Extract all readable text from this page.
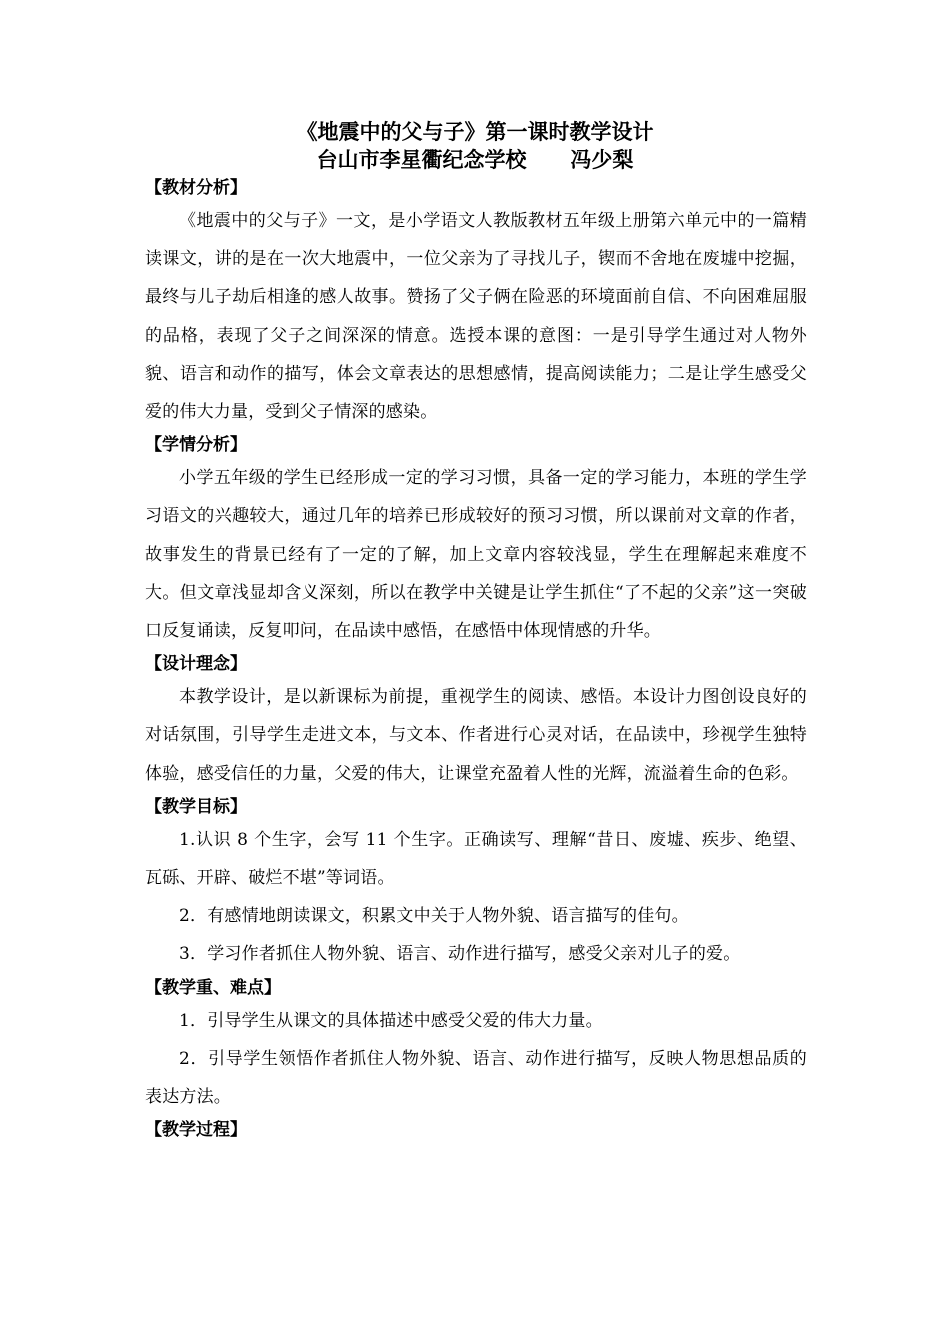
《地震中的父与子》第一课时教学设计
台山市李星衢纪念学校      冯少梨
【教材分析】

《地震中的父与子》一文，是小学语文人教版教材五年级上册第六单元中的一篇精读课文，讲的是在一次大地震中，一位父亲为了寻找儿子，锲而不舍地在废墟中挖掘，最终与儿子劫后相逢的感人故事。赞扬了父子俩在险恶的环境面前自信、不向困难屈服的品格，表现了父子之间深深的情意。选授本课的意图：一是引导学生通过对人物外貌、语言和动作的描写，体会文章表达的思想感情，提高阅读能力；二是让学生感受父爱的伟大力量，受到父子情深的感染。

【学情分析】

小学五年级的学生已经形成一定的学习习惯，具备一定的学习能力，本班的学生学习语文的兴趣较大，通过几年的培养已形成较好的预习习惯，所以课前对文章的作者，故事发生的背景已经有了一定的了解，加上文章内容较浅显，学生在理解起来难度不大。但文章浅显却含义深刻，所以在教学中关键是让学生抓住“了不起的父亲”这一突破口反复诵读，反复叩问，在品读中感悟，在感悟中体现情感的升华。

【设计理念】

本教学设计，是以新课标为前提，重视学生的阅读、感悟。本设计力图创设良好的对话氛围，引导学生走进文本，与文本、作者进行心灵对话，在品读中，珍视学生独特体验，感受信任的力量，父爱的伟大，让课堂充盈着人性的光辉，流溢着生命的色彩。

【教学目标】

1.认识 8 个生字，会写 11 个生字。正确读写、理解“昔日、废墟、疾步、绝望、瓦砾、开辟、破烂不堪”等词语。

2．有感情地朗读课文，积累文中关于人物外貌、语言描写的佳句。

3．学习作者抓住人物外貌、语言、动作进行描写，感受父亲对儿子的爱。

【教学重、难点】

1．引导学生从课文的具体描述中感受父爱的伟大力量。

2．引导学生领悟作者抓住人物外貌、语言、动作进行描写，反映人物思想品质的表达方法。

【教学过程】
